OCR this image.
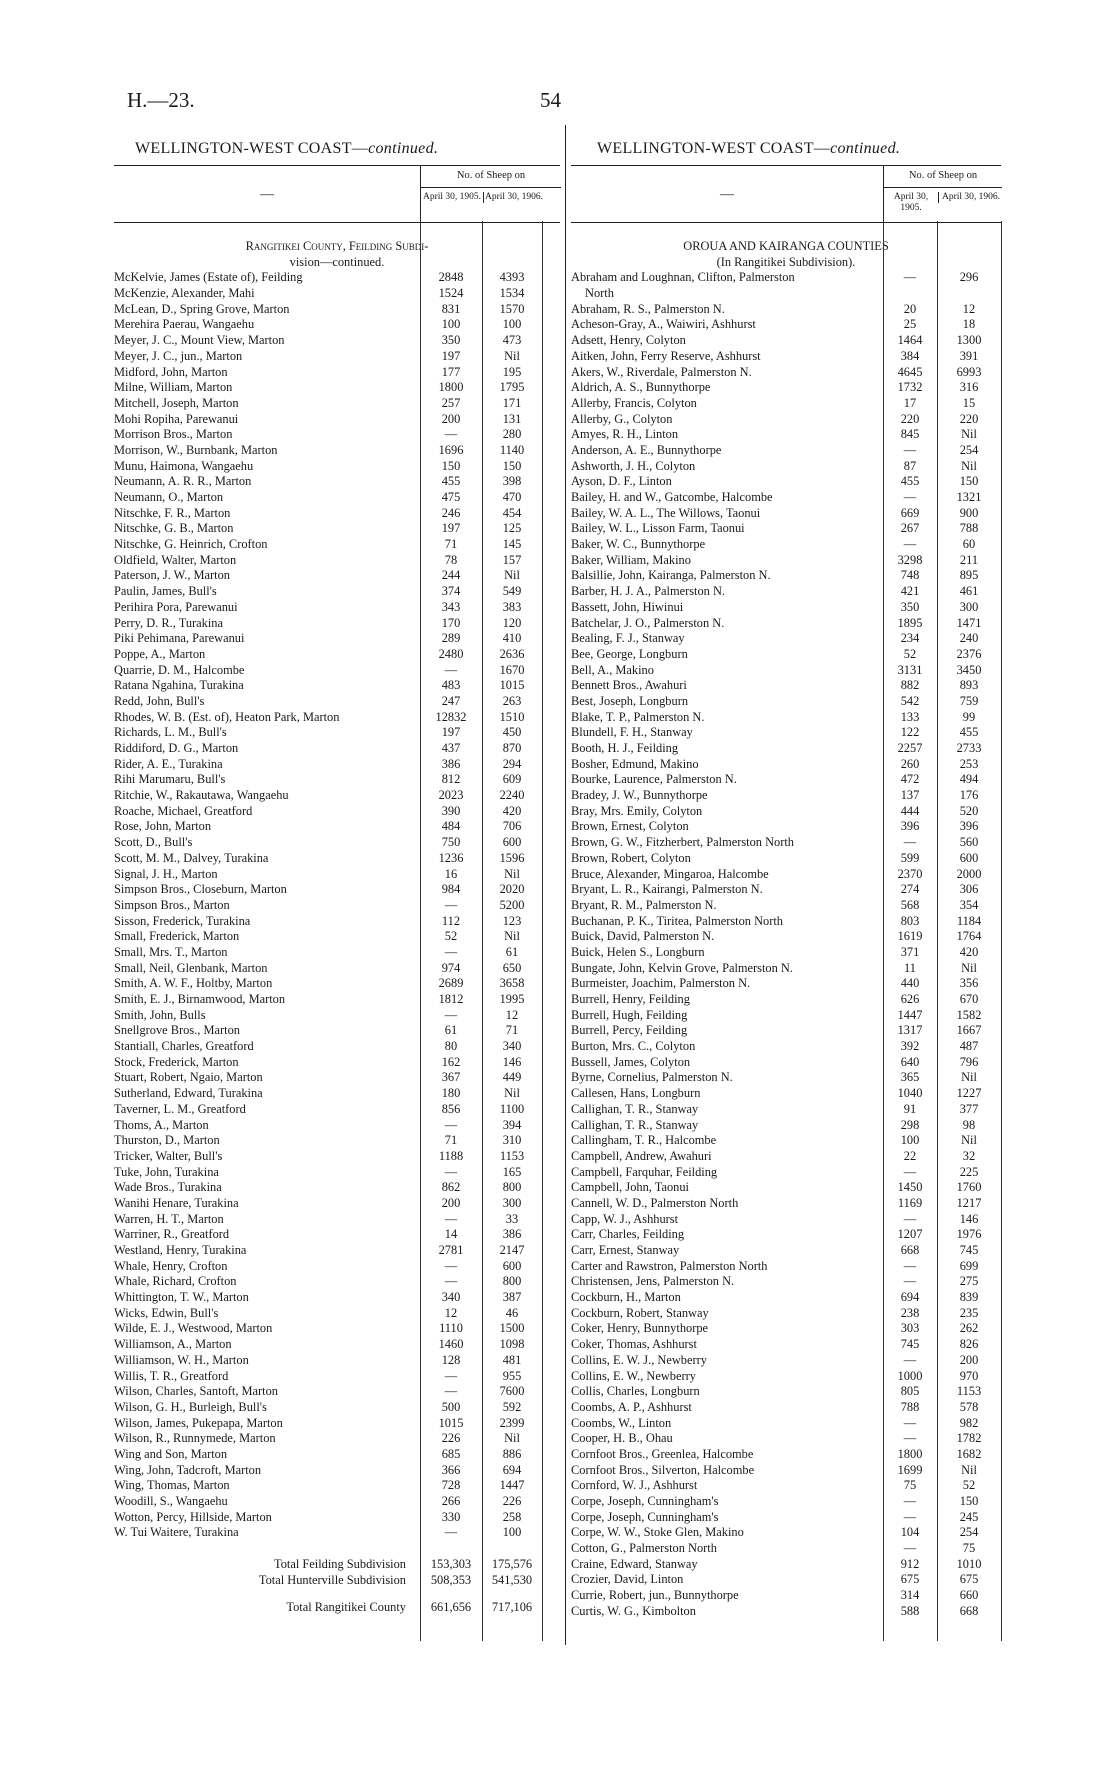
H.—23.	54
WELLINGTON-WEST COAST—continued.
—
No. of Sheep on
April 30, 1905. April 30, 1906.
Rangitikei County, Feilding Subdi-
vision—continued.
McKelvie, James (Estate of), Feilding	2848	4393
McKenzie, Alexander, Mahi	1524	1534
McLean, D., Spring Grove, Marton	831	1570
Merehira Paerau, Wangaehu	100	100
Meyer, J. C., Mount View, Marton	350	473
Meyer, J. C., jun., Marton	197	Nil
Midford, John, Marton	177	195
Milne, William, Marton	1800	1795
Mitchell, Joseph, Marton	257	171
Mohi Ropiha, Parewanui	200	131
Morrison Bros., Marton	—	280
Morrison, W., Burnbank, Marton	1696	1140
Munu, Haimona, Wangaehu	150	150
Neumann, A. R. R., Marton	455	398
Neumann, O., Marton	475	470
Nitschke, F. R., Marton	246	454
Nitschke, G. B., Marton	197	125
Nitschke, G. Heinrich, Crofton	71	145
Oldfield, Walter, Marton	78	157
Paterson, J. W., Marton	244	Nil
Paulin, James, Bull's	374	549
Perihira Pora, Parewanui	343	383
Perry, D. R., Turakina	170	120
Piki Pehimana, Parewanui	289	410
Poppe, A., Marton	2480	2636
Quarrie, D. M., Halcombe	—	1670
Ratana Ngahina, Turakina	483	1015
Redd, John, Bull's	247	263
Rhodes, W. B. (Est. of), Heaton Park, Marton	12832	1510
Richards, L. M., Bull's	197	450
Riddiford, D. G., Marton	437	870
Rider, A. E., Turakina	386	294
Rihi Marumaru, Bull's	812	609
Ritchie, W., Rakautawa, Wangaehu	2023	2240
Roache, Michael, Greatford	390	420
Rose, John, Marton	484	706
Scott, D., Bull's	750	600
Scott, M. M., Dalvey, Turakina	1236	1596
Signal, J. H., Marton	16	Nil
Simpson Bros., Closeburn, Marton	984	2020
Simpson Bros., Marton	—	5200
Sisson, Frederick, Turakina	112	123
Small, Frederick, Marton	52	Nil
Small, Mrs. T., Marton	—	61
Small, Neil, Glenbank, Marton	974	650
Smith, A. W. F., Holtby, Marton	2689	3658
Smith, E. J., Birnamwood, Marton	1812	1995
Smith, John, Bulls	—	12
Snellgrove Bros., Marton	61	71
Stantiall, Charles, Greatford	80	340
Stock, Frederick, Marton	162	146
Stuart, Robert, Ngaio, Marton	367	449
Sutherland, Edward, Turakina	180	Nil
Taverner, L. M., Greatford	856	1100
Thoms, A., Marton	—	394
Thurston, D., Marton	71	310
Tricker, Walter, Bull's	1188	1153
Tuke, John, Turakina	—	165
Wade Bros., Turakina	862	800
Wanihi Henare, Turakina	200	300
Warren, H. T., Marton	—	33
Warriner, R., Greatford	14	386
Westland, Henry, Turakina	2781	2147
Whale, Henry, Crofton	—	600
Whale, Richard, Crofton	—	800
Whittington, T. W., Marton	340	387
Wicks, Edwin, Bull's	12	46
Wilde, E. J., Westwood, Marton	1110	1500
Williamson, A., Marton	1460	1098
Williamson, W. H., Marton	128	481
Willis, T. R., Greatford	—	955
Wilson, Charles, Santoft, Marton	—	7600
Wilson, G. H., Burleigh, Bull's	500	592
Wilson, James, Pukepapa, Marton	1015	2399
Wilson, R., Runnymede, Marton	226	Nil
Wing and Son, Marton	685	886
Wing, John, Tadcroft, Marton	366	694
Wing, Thomas, Marton	728	1447
Woodill, S., Wangaehu	266	226
Wotton, Percy, Hillside, Marton	330	258
W. Tui Waitere, Turakina	—	100
Total Feilding Subdivision	153,303	175,576
Total Hunterville Subdivision	508,353	541,530
Total Rangitikei County	661,656	717,106
WELLINGTON-WEST COAST—continued.
—
No. of Sheep on
April 30, 1905.
April 30, 1906.
OROUA AND KAIRANGA COUNTIES
(In Rangitikei Subdivision).
Abraham and Loughnan, Clifton, Palmerston	—	296
North
Abraham, R. S., Palmerston N.	20	12
Acheson-Gray, A., Waiwiri, Ashhurst	25	18
Adsett, Henry, Colyton	1464	1300
Aitken, John, Ferry Reserve, Ashhurst	384	391
Akers, W., Riverdale, Palmerston N.	4645	6993
Aldrich, A. S., Bunnythorpe	1732	316
Allerby, Francis, Colyton	17	15
Allerby, G., Colyton	220	220
Amyes, R. H., Linton	845	Nil
Anderson, A. E., Bunnythorpe	—	254
Ashworth, J. H., Colyton	87	Nil
Ayson, D. F., Linton	455	150
Bailey, H. and W., Gatcombe, Halcombe	—	1321
Bailey, W. A. L., The Willows, Taonui	669	900
Bailey, W. L., Lisson Farm, Taonui	267	788
Baker, W. C., Bunnythorpe	—	60
Baker, William, Makino	3298	211
Balsillie, John, Kairanga, Palmerston N.	748	895
Barber, H. J. A., Palmerston N.	421	461
Bassett, John, Hiwinui	350	300
Batchelar, J. O., Palmerston N.	1895	1471
Bealing, F. J., Stanway	234	240
Bee, George, Longburn	52	2376
Bell, A., Makino	3131	3450
Bennett Bros., Awahuri	882	893
Best, Joseph, Longburn	542	759
Blake, T. P., Palmerston N.	133	99
Blundell, F. H., Stanway	122	455
Booth, H. J., Feilding	2257	2733
Bosher, Edmund, Makino	260	253
Bourke, Laurence, Palmerston N.	472	494
Bradey, J. W., Bunnythorpe	137	176
Bray, Mrs. Emily, Colyton	444	520
Brown, Ernest, Colyton	396	396
Brown, G. W., Fitzherbert, Palmerston North	—	560
Brown, Robert, Colyton	599	600
Bruce, Alexander, Mingaroa, Halcombe	2370	2000
Bryant, L. R., Kairangi, Palmerston N.	274	306
Bryant, R. M., Palmerston N.	568	354
Buchanan, P. K., Tiritea, Palmerston North	803	1184
Buick, David, Palmerston N.	1619	1764
Buick, Helen S., Longburn	371	420
Bungate, John, Kelvin Grove, Palmerston N.	11	Nil
Burmeister, Joachim, Palmerston N.	440	356
Burrell, Henry, Feilding	626	670
Burrell, Hugh, Feilding	1447	1582
Burrell, Percy, Feilding	1317	1667
Burton, Mrs. C., Colyton	392	487
Bussell, James, Colyton	640	796
Byrne, Cornelius, Palmerston N.	365	Nil
Callesen, Hans, Longburn	1040	1227
Callighan, T. R., Stanway	91	377
Callighan, T. R., Stanway	298	98
Callingham, T. R., Halcombe	100	Nil
Campbell, Andrew, Awahuri	22	32
Campbell, Farquhar, Feilding	—	225
Campbell, John, Taonui	1450	1760
Cannell, W. D., Palmerston North	1169	1217
Capp, W. J., Ashhurst	—	146
Carr, Charles, Feilding	1207	1976
Carr, Ernest, Stanway	668	745
Carter and Rawstron, Palmerston North	—	699
Christensen, Jens, Palmerston N.	—	275
Cockburn, H., Marton	694	839
Cockburn, Robert, Stanway	238	235
Coker, Henry, Bunnythorpe	303	262
Coker, Thomas, Ashhurst	745	826
Collins, E. W. J., Newberry	—	200
Collins, E. W., Newberry	1000	970
Collis, Charles, Longburn	805	1153
Coombs, A. P., Ashhurst	788	578
Coombs, W., Linton	—	982
Cooper, H. B., Ohau	—	1782
Cornfoot Bros., Greenlea, Halcombe	1800	1682
Cornfoot Bros., Silverton, Halcombe	1699	Nil
Cornford, W. J., Ashhurst	75	52
Corpe, Joseph, Cunningham's	—	150
Corpe, Joseph, Cunningham's	—	245
Corpe, W. W., Stoke Glen, Makino	104	254
Cotton, G., Palmerston North	—	75
Craine, Edward, Stanway	912	1010
Crozier, David, Linton	675	675
Currie, Robert, jun., Bunnythorpe	314	660
Curtis, W. G., Kimbolton	588	668
